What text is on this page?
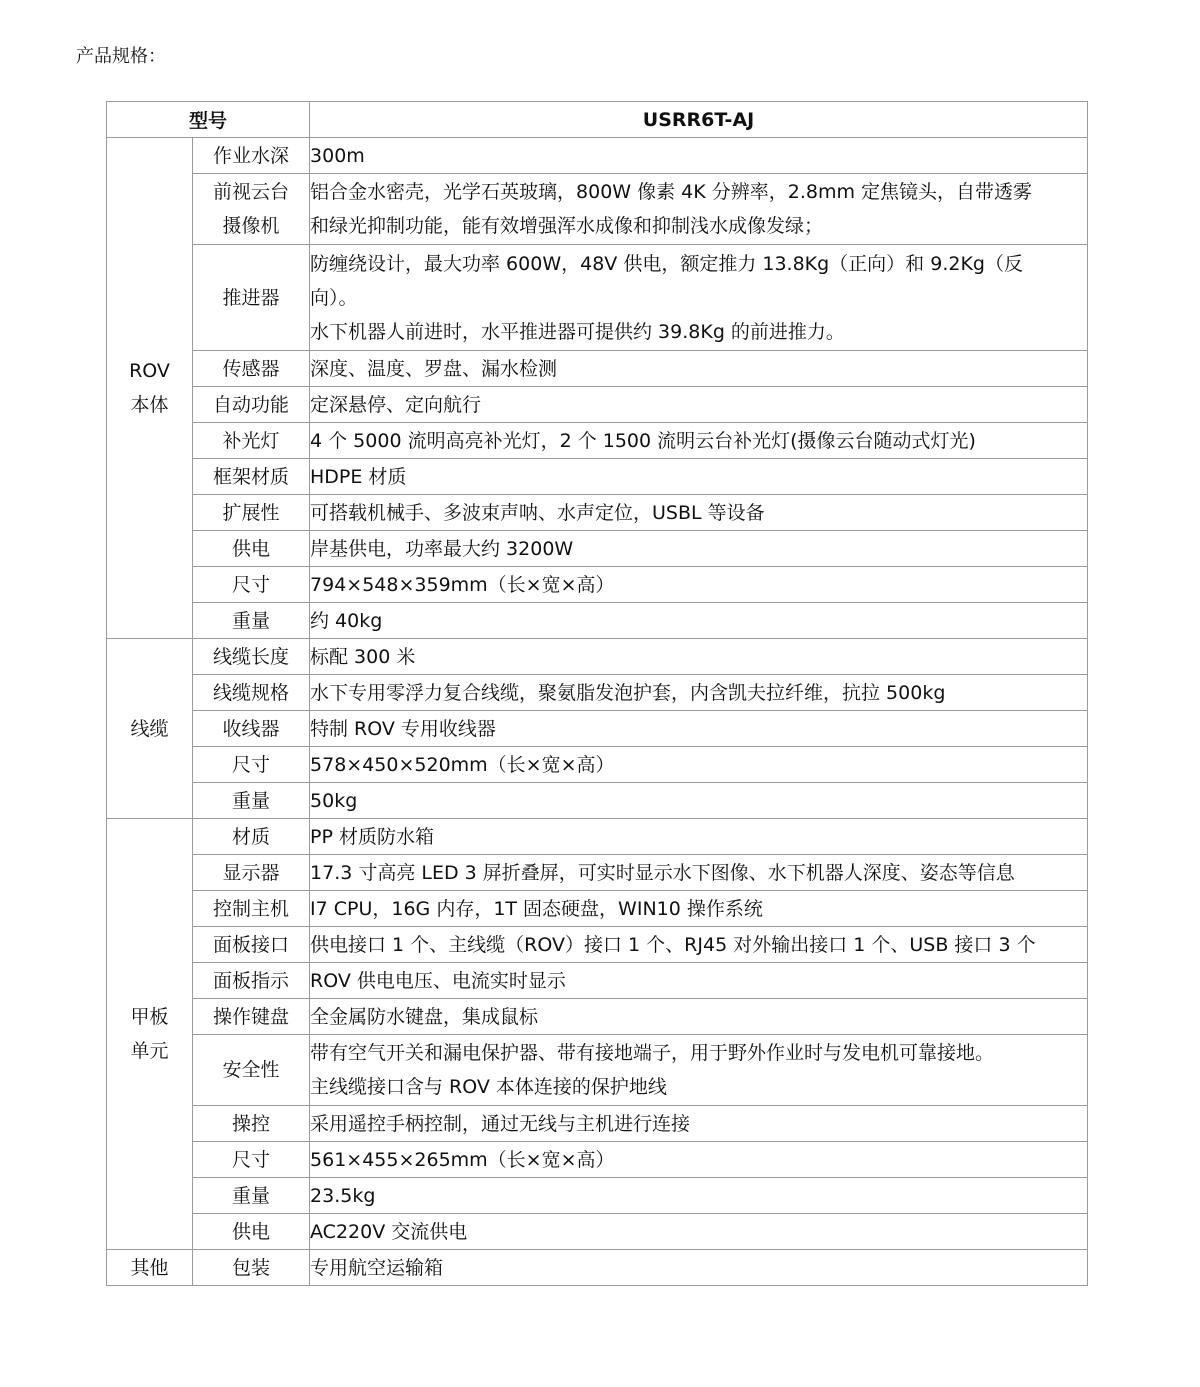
产品规格：
型号		USRR6T-AJ

ROV
本体	作业水深	300m

	前视云台
摄像机	铝合金水密壳，光学石英玻璃，800W 像素 4K 分辨率，2.8mm 定焦镜头，自带透雾
和绿光抑制功能，能有效增强浑水成像和抑制浅水成像发绿；

	推进器	防缠绕设计，最大功率 600W，48V 供电，额定推力 13.8Kg（正向）和 9.2Kg（反
向）。
水下机器人前进时，水平推进器可提供约 39.8Kg 的前进推力。

	传感器	深度、温度、罗盘、漏水检测

	自动功能	定深悬停、定向航行

	补光灯	4 个 5000 流明高亮补光灯，2 个 1500 流明云台补光灯(摄像云台随动式灯光)

	框架材质	HDPE 材质

	扩展性	可搭载机械手、多波束声呐、水声定位，USBL 等设备

	供电	岸基供电，功率最大约 3200W

	尺寸	794×548×359mm（长×宽×高）

	重量	约 40kg

线缆	线缆长度	标配 300 米

	线缆规格	水下专用零浮力复合线缆，聚氨脂发泡护套，内含凯夫拉纤维，抗拉 500kg

	收线器	特制 ROV 专用收线器

	尺寸	578×450×520mm（长×宽×高）

	重量	50kg

甲板
单元	材质	PP 材质防水箱

	显示器	17.3 寸高亮 LED 3 屏折叠屏，可实时显示水下图像、水下机器人深度、姿态等信息

	控制主机	I7 CPU，16G 内存，1T 固态硬盘，WIN10 操作系统

	面板接口	供电接口 1 个、主线缆（ROV）接口 1 个、RJ45 对外输出接口 1 个、USB 接口 3 个

	面板指示	ROV 供电电压、电流实时显示

	操作键盘	全金属防水键盘，集成鼠标

	安全性	带有空气开关和漏电保护器、带有接地端子，用于野外作业时与发电机可靠接地。
主线缆接口含与 ROV 本体连接的保护地线

	操控	采用遥控手柄控制，通过无线与主机进行连接

	尺寸	561×455×265mm（长×宽×高）

	重量	23.5kg

	供电	AC220V 交流供电

其他	包装	专用航空运输箱
